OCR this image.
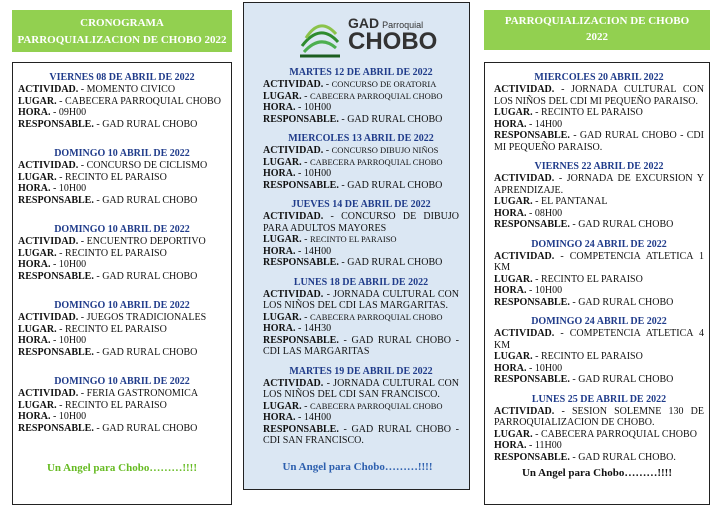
CRONOGRAMA
PARROQUIALIZACION DE CHOBO 2022
VIERNES 08 DE ABRIL DE 2022
ACTIVIDAD. - MOMENTO CIVICO
LUGAR. - CABECERA PARROQUIAL CHOBO
HORA. - 09H00
RESPONSABLE. - GAD RURAL CHOBO
DOMINGO 10 ABRIL DE 2022
ACTIVIDAD. - CONCURSO DE CICLISMO
LUGAR. - RECINTO EL PARAISO
HORA. - 10H00
RESPONSABLE. - GAD RURAL CHOBO
DOMINGO 10 ABRIL DE 2022
ACTIVIDAD. - ENCUENTRO DEPORTIVO
LUGAR. - RECINTO EL PARAISO
HORA. - 10H00
RESPONSABLE. - GAD RURAL CHOBO
DOMINGO 10 ABRIL DE 2022
ACTIVIDAD. - JUEGOS TRADICIONALES
LUGAR. - RECINTO EL PARAISO
HORA. - 10H00
RESPONSABLE. - GAD RURAL CHOBO
DOMINGO 10 ABRIL DE 2022
ACTIVIDAD. - FERIA GASTRONOMICA
LUGAR. - RECINTO EL PARAISO
HORA. - 10H00
RESPONSABLE. - GAD RURAL CHOBO
Un Angel para Chobo………!!!!
GAD Parroquial
CHOBO
MARTES 12 DE ABRIL DE 2022
ACTIVIDAD. - CONCURSO DE ORATORIA
LUGAR. - CABECERA PARROQUIAL CHOBO
HORA. - 10H00
RESPONSABLE. - GAD RURAL CHOBO
MIERCOLES 13 ABRIL DE 2022
ACTIVIDAD. - CONCURSO DIBUJO NIÑOS
LUGAR. - CABECERA PARROQUIAL CHOBO
HORA. - 10H00
RESPONSABLE. - GAD RURAL CHOBO
JUEVES 14 DE ABRIL DE 2022
ACTIVIDAD. - CONCURSO DE DIBUJO PARA ADULTOS MAYORES
LUGAR. - RECINTO EL PARAISO
HORA. - 14H00
RESPONSABLE. - GAD RURAL CHOBO
LUNES 18 DE ABRIL DE 2022
ACTIVIDAD. - JORNADA CULTURAL CON LOS NIÑOS DEL CDI LAS MARGARITAS.
LUGAR. - CABECERA PARROQUIAL CHOBO
HORA. - 14H30
RESPONSABLE. - GAD RURAL CHOBO - CDI LAS MARGARITAS
MARTES 19 DE ABRIL DE 2022
ACTIVIDAD. - JORNADA CULTURAL CON LOS NIÑOS DEL CDI SAN FRANCISCO.
LUGAR. - CABECERA PARROQUIAL CHOBO
HORA. - 14H00
RESPONSABLE. - GAD RURAL CHOBO - CDI SAN FRANCISCO.
Un Angel para Chobo………!!!!
PARROQUIALIZACION DE CHOBO
2022
MIERCOLES 20 ABRIL 2022
ACTIVIDAD. - JORNADA CULTURAL CON LOS NIÑOS DEL CDI MI PEQUEÑO PARAISO.
LUGAR. - RECINTO EL PARAISO
HORA. - 14H00
RESPONSABLE. - GAD RURAL CHOBO - CDI MI PEQUEÑO PARAISO.
VIERNES 22 ABRIL DE 2022
ACTIVIDAD. - JORNADA DE EXCURSION Y APRENDIZAJE.
LUGAR. - EL PANTANAL
HORA. - 08H00
RESPONSABLE. - GAD RURAL CHOBO
DOMINGO 24 ABRIL DE 2022
ACTIVIDAD. - COMPETENCIA ATLETICA 1 KM
LUGAR. - RECINTO EL PARAISO
HORA. - 10H00
RESPONSABLE. - GAD RURAL CHOBO
DOMINGO 24 ABRIL DE 2022
ACTIVIDAD. - COMPETENCIA ATLETICA 4 KM
LUGAR. - RECINTO EL PARAISO
HORA. - 10H00
RESPONSABLE. - GAD RURAL CHOBO
LUNES 25 DE ABRIL DE 2022
ACTIVIDAD. - SESION SOLEMNE 130 DE PARROQUIALIZACION DE CHOBO.
LUGAR. - CABECERA PARROQUIAL CHOBO
HORA. - 11H00
RESPONSABLE. - GAD RURAL CHOBO.
Un Angel para Chobo………!!!!
